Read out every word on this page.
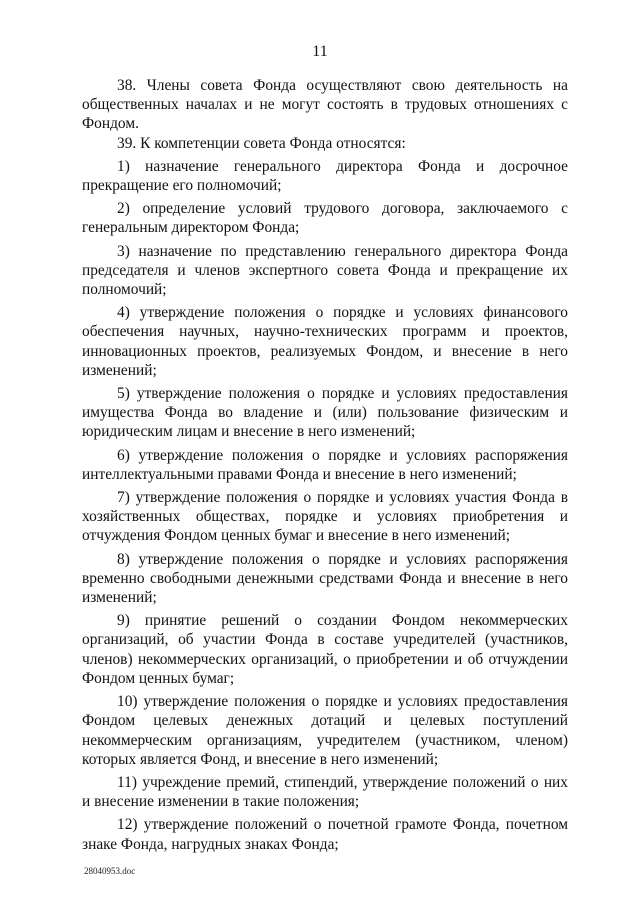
11

38. Члены совета Фонда осуществляют свою деятельность на общественных началах и не могут состоять в трудовых отношениях с Фондом.

39. К компетенции совета Фонда относятся:

1) назначение генерального директора Фонда и досрочное прекращение его полномочий;

2) определение условий трудового договора, заключаемого с генеральным директором Фонда;

3) назначение по представлению генерального директора Фонда председателя и членов экспертного совета Фонда и прекращение их полномочий;

4) утверждение положения о порядке и условиях финансового обеспечения научных, научно-технических программ и проектов, инновационных проектов, реализуемых Фондом, и внесение в него изменений;

5) утверждение положения о порядке и условиях предоставления имущества Фонда во владение и (или) пользование физическим и юридическим лицам и внесение в него изменений;

6) утверждение положения о порядке и условиях распоряжения интеллектуальными правами Фонда и внесение в него изменений;

7) утверждение положения о порядке и условиях участия Фонда в хозяйственных обществах, порядке и условиях приобретения и отчуждения Фондом ценных бумаг и внесение в него изменений;

8) утверждение положения о порядке и условиях распоряжения временно свободными денежными средствами Фонда и внесение в него изменений;

9) принятие решений о создании Фондом некоммерческих организаций, об участии Фонда в составе учредителей (участников, членов) некоммерческих организаций, о приобретении и об отчуждении Фондом ценных бумаг;

10) утверждение положения о порядке и условиях предоставления Фондом целевых денежных дотаций и целевых поступлений некоммерческим организациям, учредителем (участником, членом) которых является Фонд, и внесение в него изменений;

11) учреждение премий, стипендий, утверждение положений о них и внесение изменении в такие положения;

12) утверждение положений о почетной грамоте Фонда, почетном знаке Фонда, нагрудных знаках Фонда;

28040953.doc
